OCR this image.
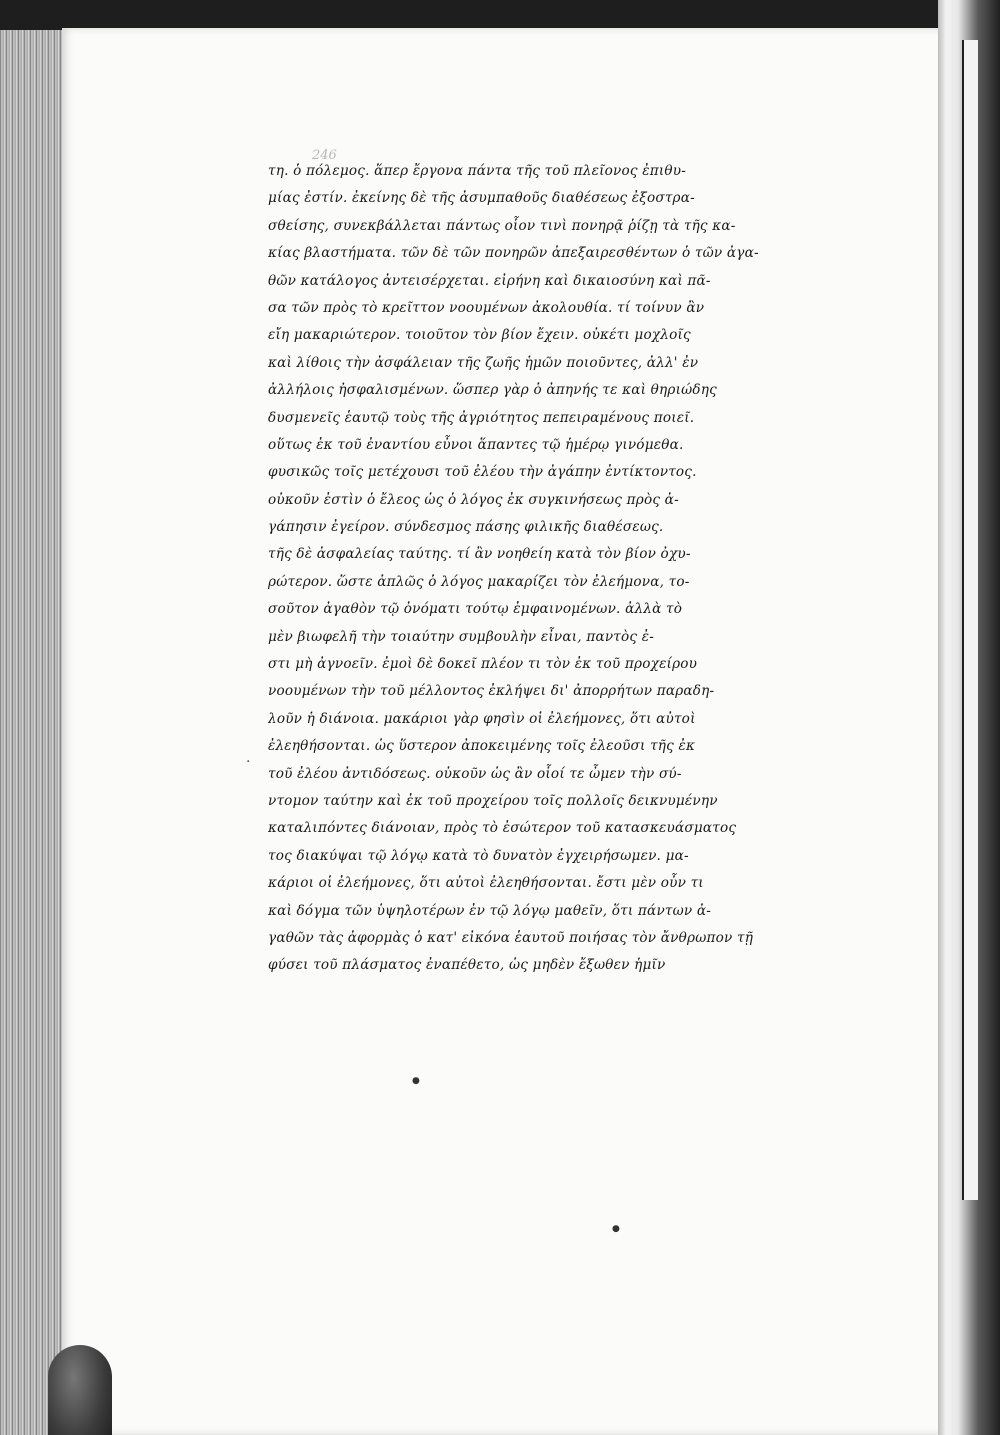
246
·
●
●
τη. ὁ πόλεμος. ἅπερ ἔργονα πάντα τῆς τοῦ πλεῖονος ἐπιθυ-
μίας ἐστίν. ἐκείνης δὲ τῆς ἀσυμπαθοῦς διαθέσεως ἐξοστρα-
σθείσης, συνεκβάλλεται πάντως οἷον τινὶ πονηρᾷ ῥίζῃ τὰ τῆς κα-
κίας βλαστήματα. τῶν δὲ τῶν πονηρῶν ἀπεξαιρεσθέντων ὁ τῶν ἀγα-
θῶν κατάλογος ἀντεισέρχεται. εἰρήνη καὶ δικαιοσύνη καὶ πᾶ-
σα τῶν πρὸς τὸ κρεῖττον νοουμένων ἀκολουθία. τί τοίνυν ἂν
εἴη μακαριώτερον. τοιοῦτον τὸν βίον ἔχειν. οὐκέτι μοχλοῖς
καὶ λίθοις τὴν ἀσφάλειαν τῆς ζωῆς ἡμῶν ποιοῦντες, ἀλλ' ἐν
ἀλλήλοις ἠσφαλισμένων. ὥσπερ γὰρ ὁ ἀπηνής τε καὶ θηριώδης
δυσμενεῖς ἑαυτῷ τοὺς τῆς ἀγριότητος πεπειραμένους ποιεῖ.
οὕτως ἐκ τοῦ ἐναντίου εὖνοι ἅπαντες τῷ ἡμέρῳ γινόμεθα.
φυσικῶς τοῖς μετέχουσι τοῦ ἐλέου τὴν ἀγάπην ἐντίκτοντος.
οὐκοῦν ἐστὶν ὁ ἔλεος ὡς ὁ λόγος ἐκ συγκινήσεως πρὸς ἀ-
γάπησιν ἐγείρον. σύνδεσμος πάσης φιλικῆς διαθέσεως.
τῆς δὲ ἀσφαλείας ταύτης. τί ἂν νοηθείη κατὰ τὸν βίον ὀχυ-
ρώτερον. ὥστε ἁπλῶς ὁ λόγος μακαρίζει τὸν ἐλεήμονα, το-
σοῦτον ἀγαθὸν τῷ ὀνόματι τούτῳ ἐμφαινομένων. ἀλλὰ τὸ
μὲν βιωφελῆ τὴν τοιαύτην συμβουλὴν εἶναι, παντὸς ἐ-
στι μὴ ἀγνοεῖν. ἐμοὶ δὲ δοκεῖ πλέον τι τὸν ἐκ τοῦ προχείρου
νοουμένων τὴν τοῦ μέλλοντος ἐκλήψει δι' ἀπορρήτων παραδη-
λοῦν ἡ διάνοια. μακάριοι γὰρ φησὶν οἱ ἐλεήμονες, ὅτι αὐτοὶ
ἐλεηθήσονται. ὡς ὕστερον ἀποκειμένης τοῖς ἐλεοῦσι τῆς ἐκ
τοῦ ἐλέου ἀντιδόσεως. οὐκοῦν ὡς ἂν οἷοί τε ὦμεν τὴν σύ-
ντομον ταύτην καὶ ἐκ τοῦ προχείρου τοῖς πολλοῖς δεικνυμένην
καταλιπόντες διάνοιαν, πρὸς τὸ ἐσώτερον τοῦ κατασκευάσματος
τος διακύψαι τῷ λόγῳ κατὰ τὸ δυνατὸν ἐγχειρήσωμεν. μα-
κάριοι οἱ ἐλεήμονες, ὅτι αὐτοὶ ἐλεηθήσονται. ἔστι μὲν οὖν τι
καὶ δόγμα τῶν ὑψηλοτέρων ἐν τῷ λόγῳ μαθεῖν, ὅτι πάντων ἀ-
γαθῶν τὰς ἀφορμὰς ὁ κατ' εἰκόνα ἑαυτοῦ ποιήσας τὸν ἄνθρωπον τῇ
φύσει τοῦ πλάσματος ἐναπέθετο, ὡς μηδὲν ἔξωθεν ἡμῖν
